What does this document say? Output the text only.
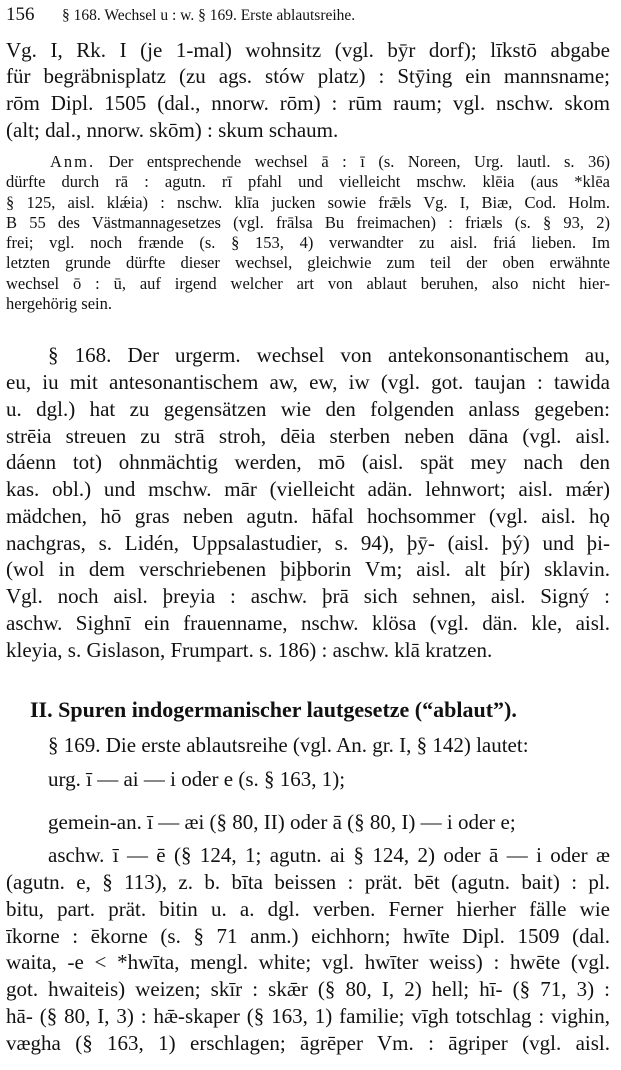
156 § 168. Wechsel u : w. § 169. Erste ablautsreihe.
Vg. I, Rk. I (je 1-mal) wohnsitz (vgl. bȳr dorf); līkstō abgabe
für begräbnisplatz (zu ags. stów platz) : Stȳing ein mannsname;
rōm Dipl. 1505 (dal., nnorw. rōm) : rūm raum; vgl. nschw. skom
(alt; dal., nnorw. skōm) : skum schaum.
Anm. Der entsprechende wechsel ā : ī (s. Noreen, Urg. lautl. s. 36)
dürfte durch rā : agutn. rī pfahl und vielleicht mschw. klēia (aus *klēa
§ 125, aisl. klǽia) : nschw. klīa jucken sowie frǣls Vg. I, Biæ, Cod. Holm.
B 55 des Västmannagesetzes (vgl. frālsa Bu freimachen) : friæls (s. § 93, 2)
frei; vgl. noch frænde (s. § 153, 4) verwandter zu aisl. friá lieben. Im
letzten grunde dürfte dieser wechsel, gleichwie zum teil der oben erwähnte
wechsel ō : ū, auf irgend welcher art von ablaut beruhen, also nicht hier-
hergehörig sein.
§ 168. Der urgerm. wechsel von antekonsonantischem au,
eu, iu mit antesonantischem aw, ew, iw (vgl. got. taujan : tawida
u. dgl.) hat zu gegensätzen wie den folgenden anlass gegeben:
strēia streuen zu strā stroh, dēia sterben neben dāna (vgl. aisl.
dáenn tot) ohnmächtig werden, mō (aisl. spät mey nach den
kas. obl.) und mschw. mār (vielleicht adän. lehnwort; aisl. mǽr)
mädchen, hō gras neben agutn. hāfal hochsommer (vgl. aisl. hǫ
nachgras, s. Lidén, Uppsalastudier, s. 94), þȳ- (aisl. þý) und þi-
(wol in dem verschriebenen þiþborin Vm; aisl. alt þír) sklavin.
Vgl. noch aisl. þreyia : aschw. þrā sich sehnen, aisl. Signý :
aschw. Sighnī ein frauenname, nschw. klösa (vgl. dän. kle, aisl.
kleyia, s. Gislason, Frumpart. s. 186) : aschw. klā kratzen.
II. Spuren indogermanischer lautgesetze (“ablaut”).
§ 169. Die erste ablautsreihe (vgl. An. gr. I, § 142) lautet:
urg. ī — ai — i oder e (s. § 163, 1);
gemein-an. ī — æi (§ 80, II) oder ā (§ 80, I) — i oder e;
aschw. ī — ē (§ 124, 1; agutn. ai § 124, 2) oder ā — i oder æ
(agutn. e, § 113), z. b. bīta beissen : prät. bēt (agutn. bait) : pl.
bitu, part. prät. bitin u. a. dgl. verben. Ferner hierher fälle wie
īkorne : ēkorne (s. § 71 anm.) eichhorn; hwīte Dipl. 1509 (dal.
waita, -e < *hwīta, mengl. white; vgl. hwīter weiss) : hwēte (vgl.
got. hwaiteis) weizen; skīr : skǣr (§ 80, I, 2) hell; hī- (§ 71, 3) :
hā- (§ 80, I, 3) : hǣ-skaper (§ 163, 1) familie; vīgh totschlag : vighin,
vægha (§ 163, 1) erschlagen; āgrēper Vm. : āgriper (vgl. aisl.
